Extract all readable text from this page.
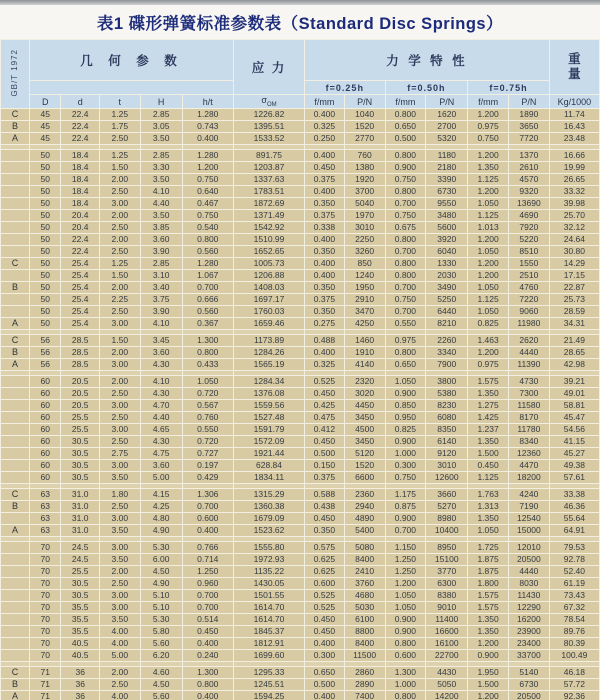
表1 碟形弹簧标准参数表（Standard Disc Springs）
GB/T 1972	几 何 参 数					应 力	力 学 特 性						重
量

							f=0.25h		f=0.50h		f=0.75h		
	D	d	t	H	h/t	$\sigma_{OM}$	f/mm	P/N	f/mm	P/N	f/mm	P/N	Kg/1000
C	45	22.4	1.25	2.85	1.280	1226.82	0.400	1040	0.800	1620	1.200	1890	11.74
B	45	22.4	1.75	3.05	0.743	1395.51	0.325	1520	0.650	2700	0.975	3650	16.43
A	45	22.4	2.50	3.50	0.400	1533.52	0.250	2770	0.500	5320	0.750	7720	23.48

	50	18.4	1.25	2.85	1.280	891.75	0.400	760	0.800	1180	1.200	1370	16.66
	50	18.4	1.50	3.30	1.200	1203.87	0.450	1380	0.900	2180	1.350	2610	19.99
	50	18.4	2.00	3.50	0.750	1337.63	0.375	1920	0.750	3390	1.125	4570	26.65
	50	18.4	2.50	4.10	0.640	1783.51	0.400	3700	0.800	6730	1.200	9320	33.32
	50	18.4	3.00	4.40	0.467	1872.69	0.350	5040	0.700	9550	1.050	13690	39.98
	50	20.4	2.00	3.50	0.750	1371.49	0.375	1970	0.750	3480	1.125	4690	25.70
	50	20.4	2.50	3.85	0.540	1542.92	0.338	3010	0.675	5600	1.013	7920	32.12
	50	22.4	2.00	3.60	0.800	1510.99	0.400	2250	0.800	3920	1.200	5220	24.64
	50	22.4	2.50	3.90	0.560	1652.65	0.350	3260	0.700	6040	1.050	8510	30.80
C	50	25.4	1.25	2.85	1.280	1005.73	0.400	850	0.800	1330	1.200	1550	14.29
	50	25.4	1.50	3.10	1.067	1206.88	0.400	1240	0.800	2030	1.200	2510	17.15
B	50	25.4	2.00	3.40	0.700	1408.03	0.350	1950	0.700	3490	1.050	4760	22.87
	50	25.4	2.25	3.75	0.666	1697.17	0.375	2910	0.750	5250	1.125	7220	25.73
	50	25.4	2.50	3.90	0.560	1760.03	0.350	3470	0.700	6440	1.050	9060	28.59
A	50	25.4	3.00	4.10	0.367	1659.46	0.275	4250	0.550	8210	0.825	11980	34.31

C	56	28.5	1.50	3.45	1.300	1173.89	0.488	1460	0.975	2260	1.463	2620	21.49
B	56	28.5	2.00	3.60	0.800	1284.26	0.400	1910	0.800	3340	1.200	4440	28.65
A	56	28.5	3.00	4.30	0.433	1565.19	0.325	4140	0.650	7900	0.975	11390	42.98

	60	20.5	2.00	4.10	1.050	1284.34	0.525	2320	1.050	3800	1.575	4730	39.21
	60	20.5	2.50	4.30	0.720	1376.08	0.450	3020	0.900	5380	1.350	7300	49.01
	60	20.5	3.00	4.70	0.567	1559.56	0.425	4450	0.850	8230	1.275	11580	58.81
	60	25.5	2.50	4.40	0.760	1527.48	0.475	3450	0.950	6080	1.425	8170	45.47
	60	25.5	3.00	4.65	0.550	1591.79	0.412	4500	0.825	8350	1.237	11780	54.56
	60	30.5	2.50	4.30	0.720	1572.09	0.450	3450	0.900	6140	1.350	8340	41.15
	60	30.5	2.75	4.75	0.727	1921.44	0.500	5120	1.000	9120	1.500	12360	45.27
	60	30.5	3.00	3.60	0.197	628.84	0.150	1520	0.300	3010	0.450	4470	49.38
	60	30.5	3.50	5.00	0.429	1834.11	0.375	6600	0.750	12600	1.125	18200	57.61

C	63	31.0	1.80	4.15	1.306	1315.29	0.588	2360	1.175	3660	1.763	4240	33.38
B	63	31.0	2.50	4.25	0.700	1360.38	0.438	2940	0.875	5270	1.313	7190	46.36
	63	31.0	3.00	4.80	0.600	1679.09	0.450	4890	0.900	8980	1.350	12540	55.64
A	63	31.0	3.50	4.90	0.400	1523.62	0.350	5400	0.700	10400	1.050	15000	64.91

	70	24.5	3.00	5.30	0.766	1555.80	0.575	5080	1.150	8950	1.725	12010	79.53
	70	24.5	3.50	6.00	0.714	1972.93	0.625	8400	1.250	15100	1.875	20500	92.78
	70	25.5	2.00	4.50	1.250	1135.22	0.625	2410	1.250	3770	1.875	4440	52.40
	70	30.5	2.50	4.90	0.960	1430.05	0.600	3760	1.200	6300	1.800	8030	61.19
	70	30.5	3.00	5.10	0.700	1501.55	0.525	4680	1.050	8380	1.575	11430	73.43
	70	35.5	3.00	5.10	0.700	1614.70	0.525	5030	1.050	9010	1.575	12290	67.32
	70	35.5	3.50	5.30	0.514	1614.70	0.450	6100	0.900	11400	1.350	16200	78.54
	70	35.5	4.00	5.80	0.450	1845.37	0.450	8800	0.900	16600	1.350	23900	89.76
	70	40.5	4.00	5.60	0.400	1812.91	0.400	8400	0.800	16100	1.200	23400	80.39
	70	40.5	5.00	6.20	0.240	1699.60	0.300	11500	0.600	22700	0.900	33700	100.49

C	71	36	2.00	4.60	1.300	1295.33	0.650	2860	1.300	4430	1.950	5140	46.18
B	71	36	2.50	4.50	0.800	1245.51	0.500	2890	1.000	5050	1.500	6730	57.72
A	71	36	4.00	5.60	0.400	1594.25	0.400	7400	0.800	14200	1.200	20500	92.36
